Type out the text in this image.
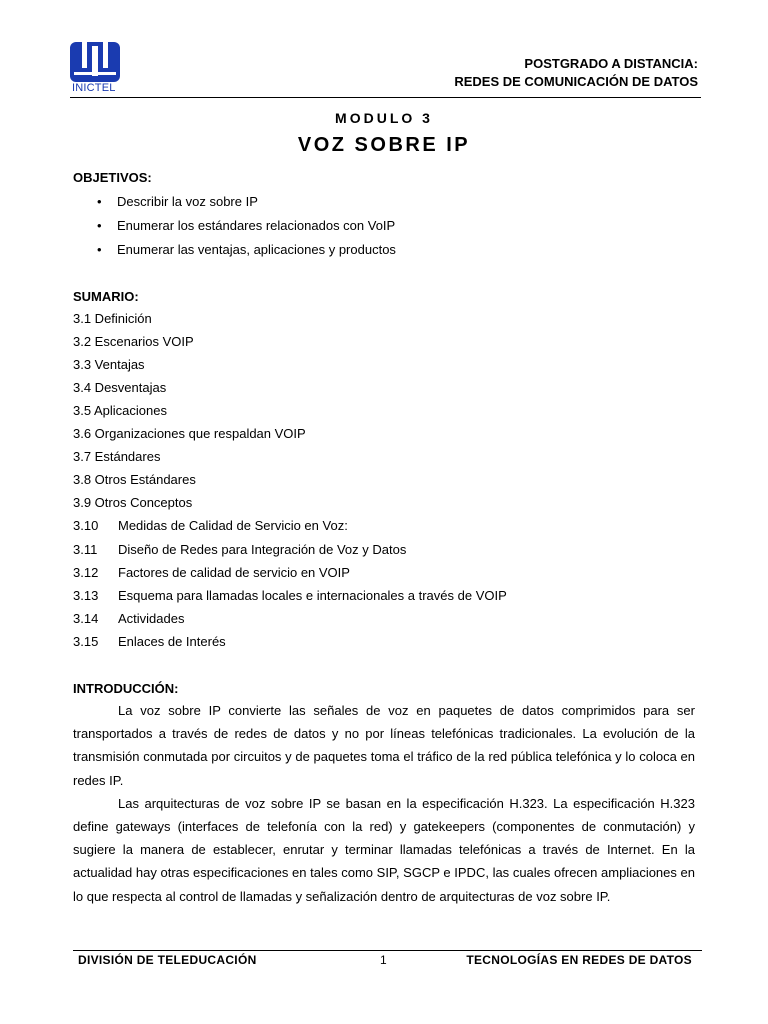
INICTEL
POSTGRADO A DISTANCIA:
REDES DE COMUNICACIÓN DE DATOS
MODULO 3
VOZ SOBRE IP
OBJETIVOS:
• Describir la voz sobre IP
• Enumerar los estándares relacionados con VoIP
• Enumerar las ventajas, aplicaciones y productos
SUMARIO:
3.1 Definición
3.2 Escenarios VOIP
3.3 Ventajas
3.4 Desventajas
3.5 Aplicaciones
3.6 Organizaciones que respaldan VOIP
3.7 Estándares
3.8 Otros Estándares
3.9 Otros Conceptos
3.10 Medidas de Calidad de Servicio en Voz:
3.11 Diseño de Redes para Integración de Voz y Datos
3.12 Factores de calidad de servicio en VOIP
3.13 Esquema para llamadas locales e internacionales a través de VOIP
3.14 Actividades
3.15 Enlaces de Interés
INTRODUCCIÓN:

La voz sobre IP convierte las señales de voz en paquetes de datos comprimidos para ser transportados a través de redes de datos y no por líneas telefónicas tradicionales. La evolución de la transmisión conmutada por circuitos y de paquetes toma el tráfico de la red pública telefónica y lo coloca en redes IP.

Las arquitecturas de voz sobre IP se basan en la especificación H.323. La especificación H.323 define gateways (interfaces de telefonía con la red) y gatekeepers (componentes de conmutación) y sugiere la manera de establecer, enrutar y terminar llamadas telefónicas a través de Internet. En la actualidad hay otras especificaciones en tales como SIP, SGCP e IPDC, las cuales ofrecen ampliaciones en lo que respecta al control de llamadas y señalización dentro de arquitecturas de voz sobre IP.

DIVISIÓN DE TELEDUCACIÓN	1	TECNOLOGÍAS EN REDES DE DATOS
